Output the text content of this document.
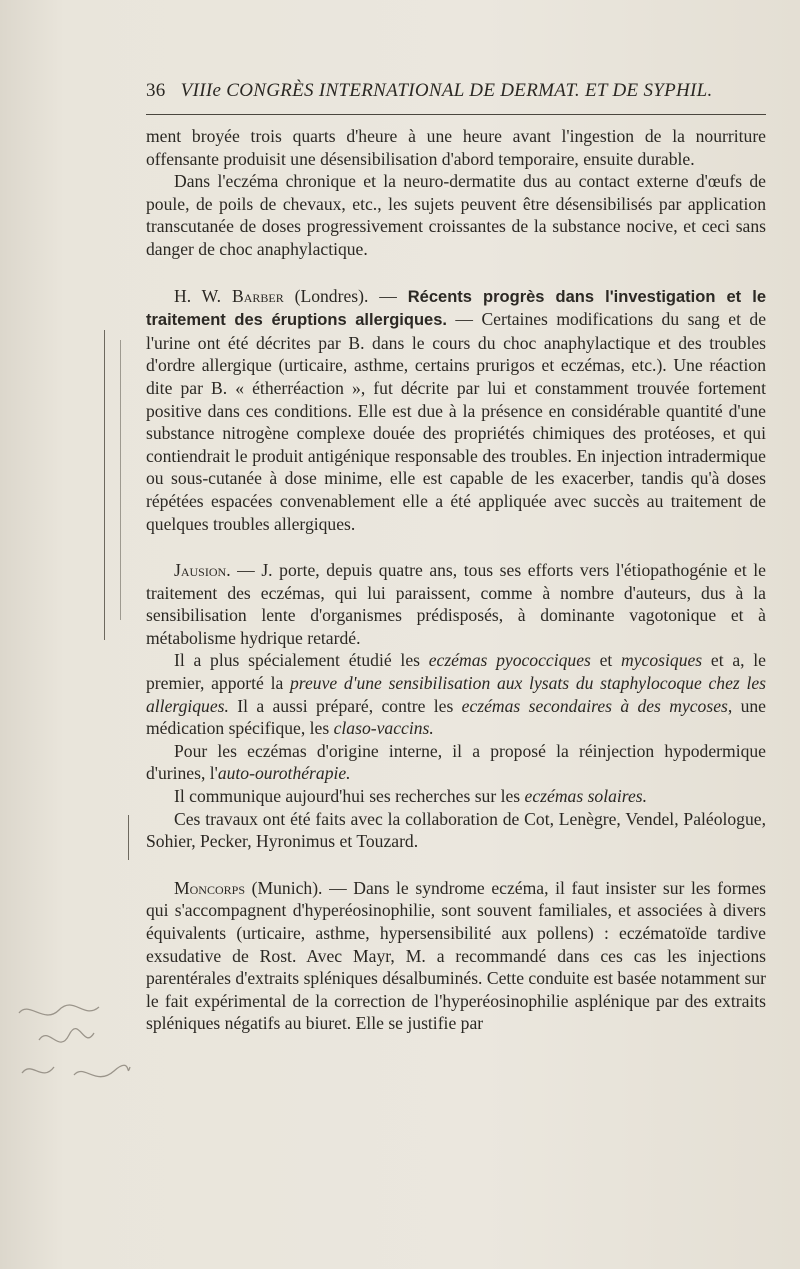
36 VIIIe CONGRÈS INTERNATIONAL DE DERMAT. ET DE SYPHIL.

ment broyée trois quarts d'heure à une heure avant l'ingestion de la nourriture offensante produisit une désensibilisation d'abord temporaire, ensuite durable.

Dans l'eczéma chronique et la neuro-dermatite dus au contact externe d'œufs de poule, de poils de chevaux, etc., les sujets peuvent être désensibilisés par application transcutanée de doses progressivement croissantes de la substance nocive, et ceci sans danger de choc anaphylactique.

H. W. Barber (Londres). — Récents progrès dans l'investigation et le traitement des éruptions allergiques. — Certaines modifications du sang et de l'urine ont été décrites par B. dans le cours du choc anaphylactique et des troubles d'ordre allergique (urticaire, asthme, certains prurigos et eczémas, etc.). Une réaction dite par B. « étherréaction », fut décrite par lui et constamment trouvée fortement positive dans ces conditions. Elle est due à la présence en considérable quantité d'une substance nitrogène complexe douée des propriétés chimiques des protéoses, et qui contiendrait le produit antigénique responsable des troubles. En injection intradermique ou sous-cutanée à dose minime, elle est capable de les exacerber, tandis qu'à doses répétées espacées convenablement elle a été appliquée avec succès au traitement de quelques troubles allergiques.

Jausion. — J. porte, depuis quatre ans, tous ses efforts vers l'étiopathogénie et le traitement des eczémas, qui lui paraissent, comme à nombre d'auteurs, dus à la sensibilisation lente d'organismes prédisposés, à dominante vagotonique et à métabolisme hydrique retardé.

Il a plus spécialement étudié les eczémas pyococciques et mycosiques et a, le premier, apporté la preuve d'une sensibilisation aux lysats du staphylocoque chez les allergiques. Il a aussi préparé, contre les eczémas secondaires à des mycoses, une médication spécifique, les claso-vaccins.

Pour les eczémas d'origine interne, il a proposé la réinjection hypodermique d'urines, l'auto-ourothérapie.

Il communique aujourd'hui ses recherches sur les eczémas solaires.

Ces travaux ont été faits avec la collaboration de Cot, Lenègre, Vendel, Paléologue, Sohier, Pecker, Hyronimus et Touzard.

Moncorps (Munich). — Dans le syndrome eczéma, il faut insister sur les formes qui s'accompagnent d'hyperéosinophilie, sont souvent familiales, et associées à divers équivalents (urticaire, asthme, hypersensibilité aux pollens) : eczématoïde tardive exsudative de Rost. Avec Mayr, M. a recommandé dans ces cas les injections parentérales d'extraits spléniques désalbuminés. Cette conduite est basée notamment sur le fait expérimental de la correction de l'hyperéosinophilie asplénique par des extraits spléniques négatifs au biuret. Elle se justifie par
